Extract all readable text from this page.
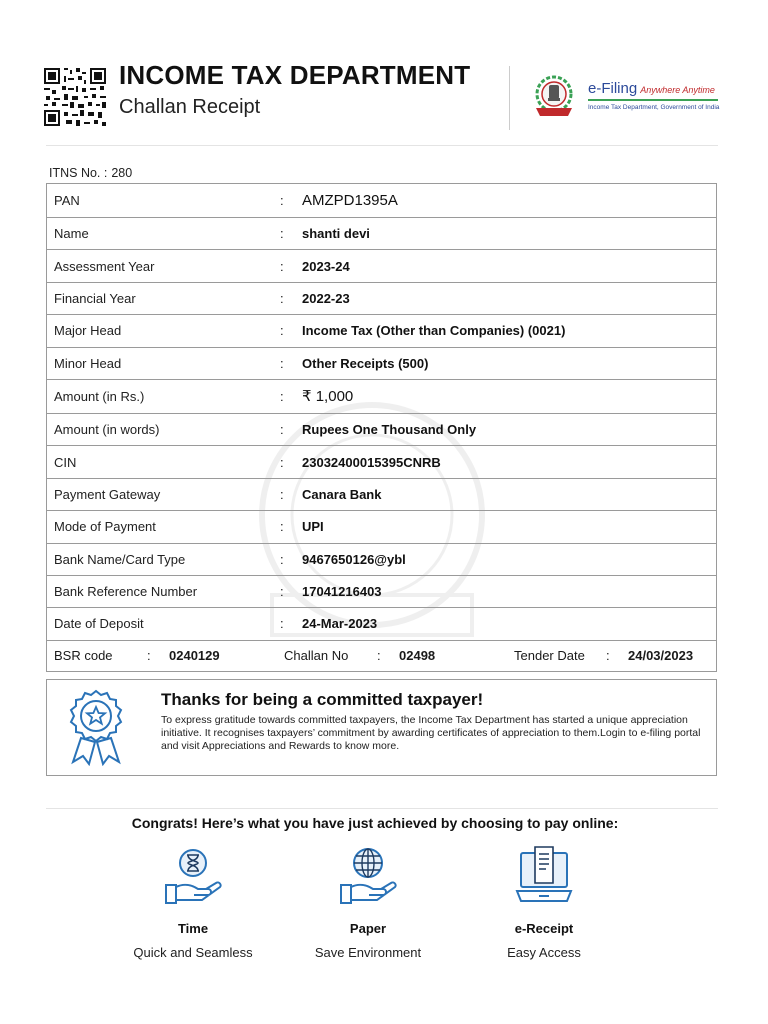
INCOME TAX DEPARTMENT
Challan Receipt
e-Filing Anywhere Anytime
Income Tax Department, Government of India
ITNS No. : 280
PAN	:	AMZPD1395A
Name	:	shanti devi
Assessment Year	:	2023-24
Financial Year	:	2022-23
Major Head	:	Income Tax (Other than Companies) (0021)
Minor Head	:	Other Receipts (500)
Amount (in Rs.)	:	₹ 1,000
Amount (in words)	:	Rupees One Thousand Only
CIN	:	23032400015395CNRB
Payment Gateway	:	Canara Bank
Mode of Payment	:	UPI
Bank Name/Card Type	:	9467650126@ybl
Bank Reference Number	:	17041216403
Date of Deposit	:	24-Mar-2023
BSR code	: 0240129	Challan No : 02498	Tender Date : 24/03/2023
Thanks for being a committed taxpayer!
To express gratitude towards committed taxpayers, the Income Tax Department has started a unique appreciation initiative. It recognises taxpayers’ commitment by awarding certificates of appreciation to them.Login to e-filing portal and visit Appreciations and Rewards to know more.
Congrats! Here’s what you have just achieved by choosing to pay online:
Time
Quick and Seamless
Paper
Save Environment
e-Receipt
Easy Access
